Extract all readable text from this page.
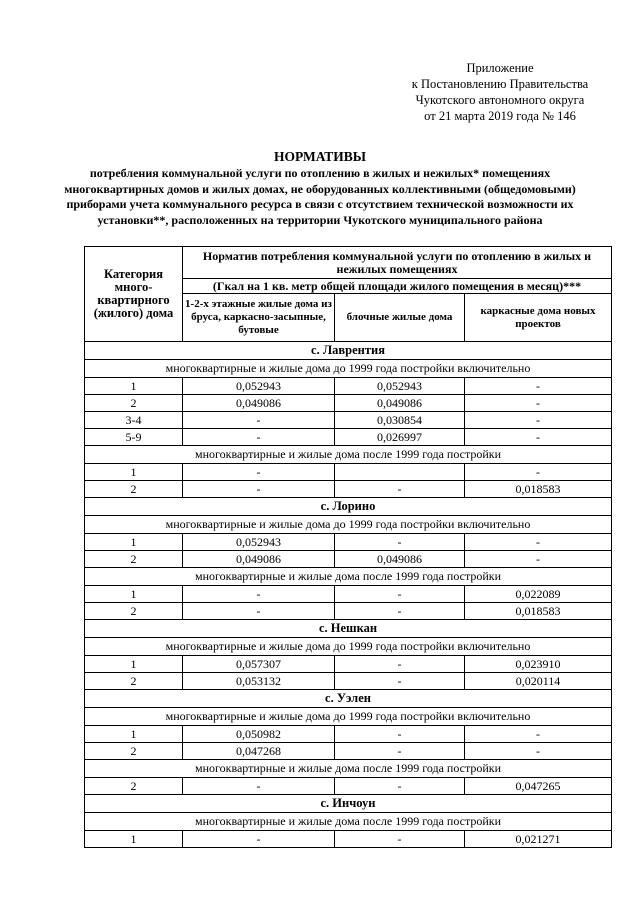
Приложение
к Постановлению Правительства
Чукотского автономного округа
от 21 марта 2019 года № 146
НОРМАТИВЫ
потребления коммунальной услуги по отоплению в жилых и нежилых* помещениях многоквартирных домов и жилых домах, не оборудованных коллективными (общедомовыми) приборами учета коммунального ресурса в связи с отсутствием технической возможности их установки**, расположенных на территории Чукотского муниципального района
Категория много-квартирного (жилого) дома	Норматив потребления коммунальной услуги по отоплению в жилых и нежилых помещениях		
	(Гкал на 1 кв. метр общей площади жилого помещения в месяц)***		
	1-2-х этажные жилые дома из бруса, каркасно-засыпные, бутовые	блочные жилые дома	каркасные дома новых проектов
с. Лаврентия			
многоквартирные и жилые дома до 1999 года постройки включительно			
1	0,052943	0,052943	-
2	0,049086	0,049086	-
3-4	-	0,030854	-
5-9	-	0,026997	-
многоквартирные и жилые дома после 1999 года постройки			
1	-		-
2	-	-	0,018583
с. Лорино			
многоквартирные и жилые дома до 1999 года постройки включительно			
1	0,052943	-	-
2	0,049086	0,049086	-
многоквартирные и жилые дома после 1999 года постройки			
1	-	-	0,022089
2	-	-	0,018583
с. Нешкан			
многоквартирные и жилые дома до 1999 года постройки включительно			
1	0,057307	-	0,023910
2	0,053132	-	0,020114
с. Уэлен			
многоквартирные и жилые дома до 1999 года постройки включительно			
1	0,050982	-	-
2	0,047268	-	-
многоквартирные и жилые дома после 1999 года постройки			
2	-	-	0,047265
с. Инчоун			
многоквартирные и жилые дома после 1999 года постройки			
1	-	-	0,021271
